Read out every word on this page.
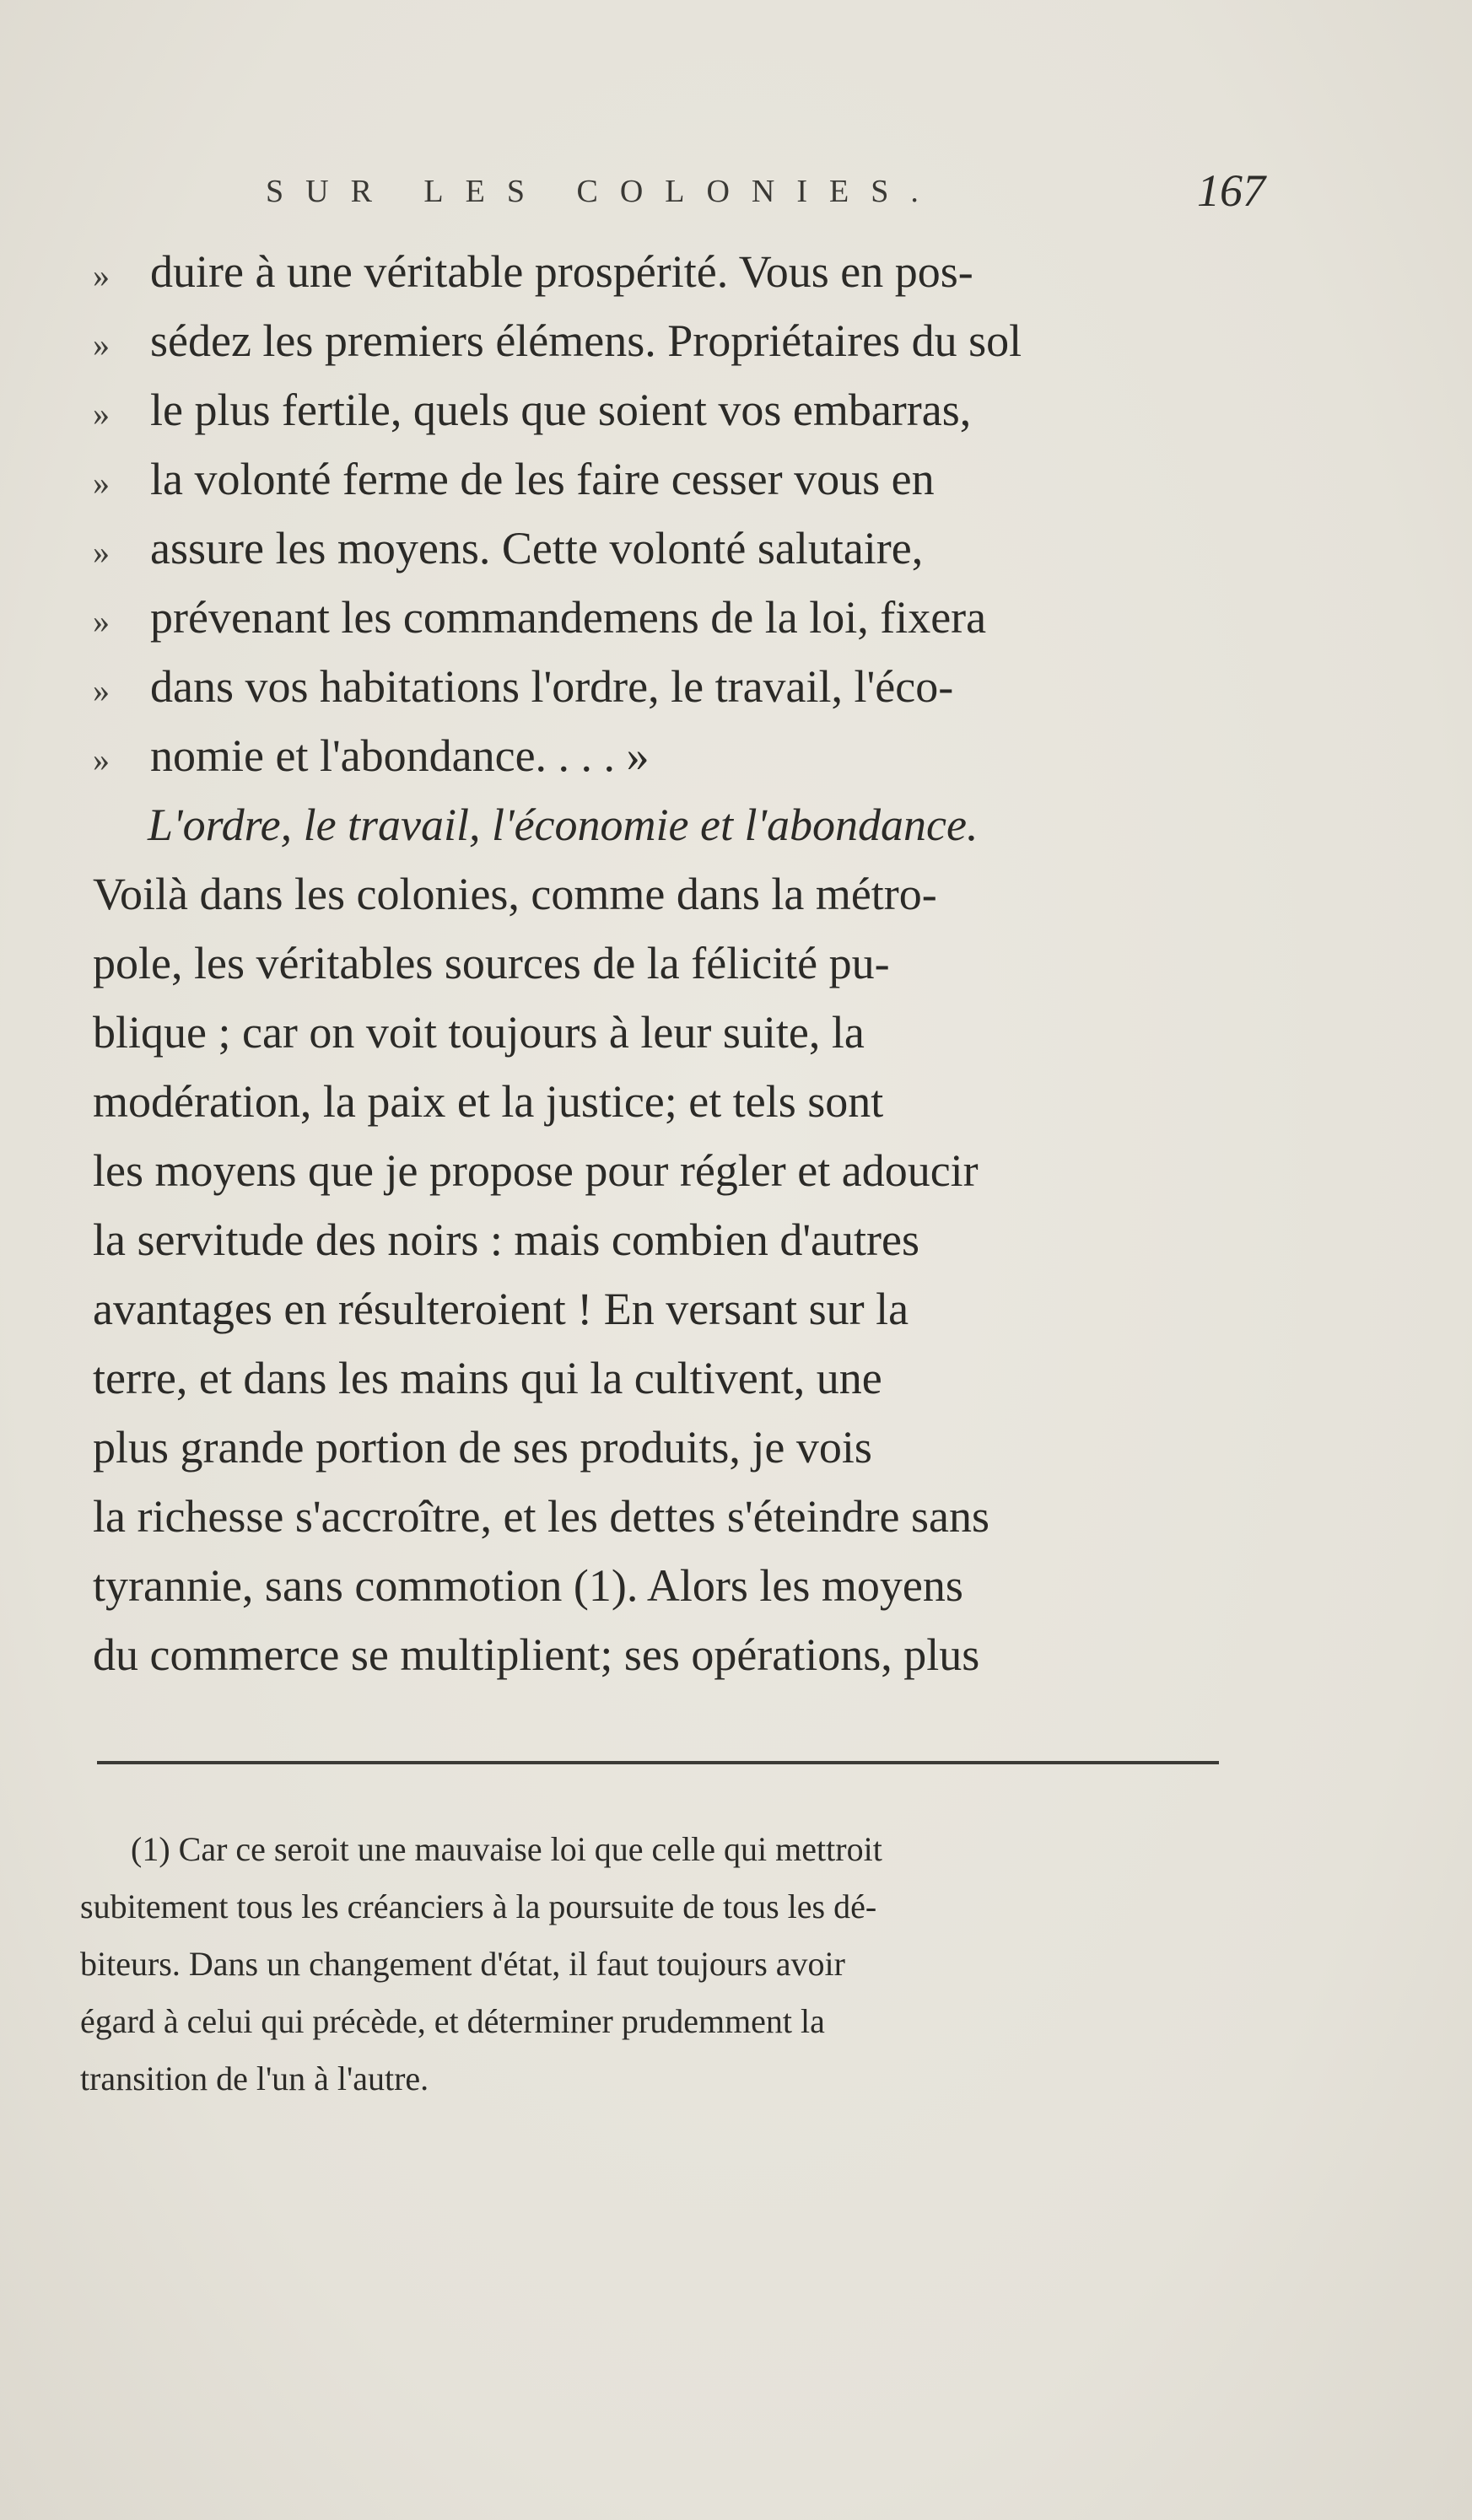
SUR LES COLONIES.	167
» duire à une véritable prospérité. Vous en pos-
» sédez les premiers élémens. Propriétaires du sol
» le plus fertile, quels que soient vos embarras,
» la volonté ferme de les faire cesser vous en
» assure les moyens. Cette volonté salutaire,
» prévenant les commandemens de la loi, fixera
» dans vos habitations l'ordre, le travail, l'éco-
» nomie et l'abondance. . . . »
L'ordre, le travail, l'économie et l'abondance.
Voilà dans les colonies, comme dans la métro-
pole, les véritables sources de la félicité pu-
blique ; car on voit toujours à leur suite, la
modération, la paix et la justice; et tels sont
les moyens que je propose pour régler et adoucir
la servitude des noirs : mais combien d'autres
avantages en résulteroient ! En versant sur la
terre, et dans les mains qui la cultivent, une
plus grande portion de ses produits, je vois
la richesse s'accroître, et les dettes s'éteindre sans
tyrannie, sans commotion (1). Alors les moyens
du commerce se multiplient; ses opérations, plus
(1) Car ce seroit une mauvaise loi que celle qui mettroit
subitement tous les créanciers à la poursuite de tous les dé-
biteurs. Dans un changement d'état, il faut toujours avoir
égard à celui qui précède, et déterminer prudemment la
transition de l'un à l'autre.
